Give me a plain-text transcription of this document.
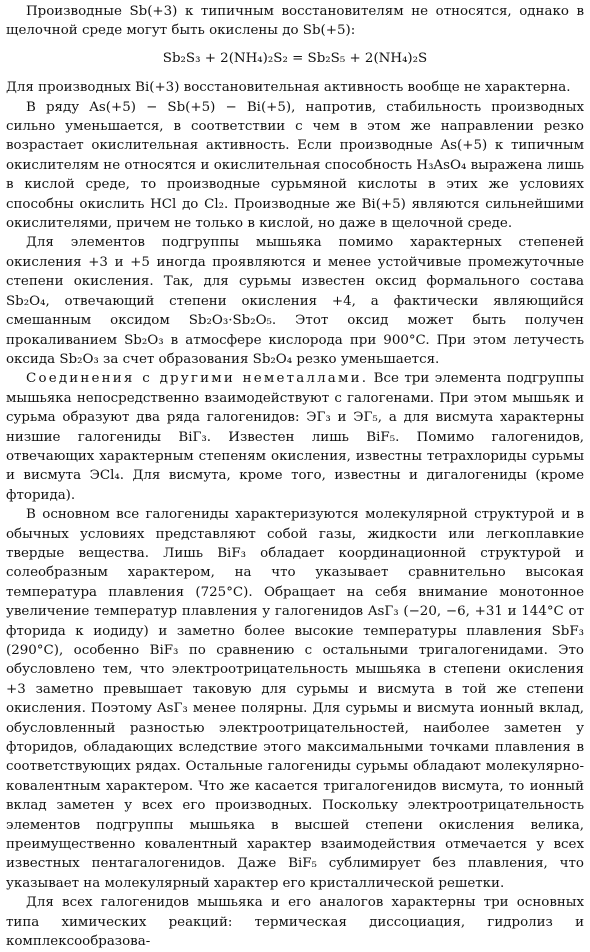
Производные Sb(+3) к типичным восстановителям не относятся, однако в щелочной среде могут быть окислены до Sb(+5):

Sb₂S₃ + 2(NH₄)₂S₂ = Sb₂S₅ + 2(NH₄)₂S

Для производных Bi(+3) восстановительная активность вообще не характерна.

В ряду As(+5) − Sb(+5) − Bi(+5), напротив, стабильность производных сильно уменьшается, в соответствии с чем в этом же направлении резко возрастает окислительная активность. Если производные As(+5) к типичным окислителям не относятся и окислительная способность H₃AsO₄ выражена лишь в кислой среде, то производные сурьмяной кислоты в этих же условиях способны окислить HCl до Cl₂. Производные же Bi(+5) являются сильнейшими окислителями, причем не только в кислой, но даже в щелочной среде.

Для элементов подгруппы мышьяка помимо характерных степеней окисления +3 и +5 иногда проявляются и менее устойчивые промежуточные степени окисления. Так, для сурьмы известен оксид формального состава Sb₂O₄, отвечающий степени окисления +4, а фактически являющийся смешанным оксидом Sb₂O₃·Sb₂O₅. Этот оксид может быть получен прокаливанием Sb₂O₃ в атмосфере кислорода при 900°C. При этом летучесть оксида Sb₂O₃ за счет образования Sb₂O₄ резко уменьшается.

Соединения с другими неметаллами. Все три элемента подгруппы мышьяка непосредственно взаимодействуют с галогенами. При этом мышьяк и сурьма образуют два ряда галогенидов: ЭГ₃ и ЭГ₅, а для висмута характерны низшие галогениды BiГ₃. Известен лишь BiF₅. Помимо галогенидов, отвечающих характерным степеням окисления, известны тетрахлориды сурьмы и висмута ЭCl₄. Для висмута, кроме того, известны и дигалогениды (кроме фторида).

В основном все галогениды характеризуются молекулярной структурой и в обычных условиях представляют собой газы, жидкости или легкоплавкие твердые вещества. Лишь BiF₃ обладает координационной структурой и солеобразным характером, на что указывает сравнительно высокая температура плавления (725°C). Обращает на себя внимание монотонное увеличение температур плавления у галогенидов AsГ₃ (−20, −6, +31 и 144°C от фторида к иодиду) и заметно более высокие температуры плавления SbF₃ (290°C), особенно BiF₃ по сравнению с остальными тригалогенидами. Это обусловлено тем, что электроотрицательность мышьяка в степени окисления +3 заметно превышает таковую для сурьмы и висмута в той же степени окисления. Поэтому AsГ₃ менее полярны. Для сурьмы и висмута ионный вклад, обусловленный разностью электроотрицательностей, наиболее заметен у фторидов, обладающих вследствие этого максимальными точками плавления в соответствующих рядах. Остальные галогениды сурьмы обладают молекулярно-ковалентным характером. Что же касается тригалогенидов висмута, то ионный вклад заметен у всех его производных. Поскольку электроотрицательность элементов подгруппы мышьяка в высшей степени окисления велика, преимущественно ковалентный характер взаимодействия отмечается у всех известных пентагалогенидов. Даже BiF₅ сублимирует без плавления, что указывает на молекулярный характер его кристаллической решетки.

Для всех галогенидов мышьяка и его аналогов характерны три основных типа химических реакций: термическая диссоциация, гидролиз и комплексообразова-
